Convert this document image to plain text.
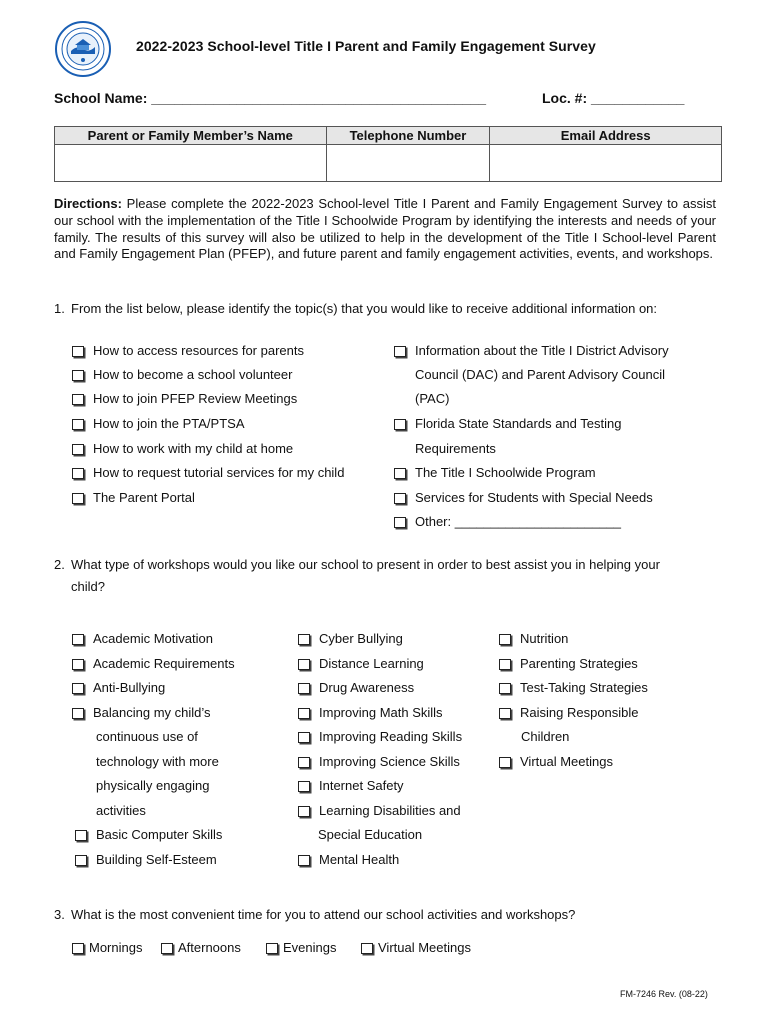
2022-2023 School-level Title I Parent and Family Engagement Survey
School Name: ___________________________________________	Loc. #: ____________
Parent or Family Member’s Name	Telephone Number	Email Address

Directions: Please complete the 2022-2023 School-level Title I Parent and Family Engagement Survey to assist our school with the implementation of the Title I Schoolwide Program by identifying the interests and needs of your family. The results of this survey will also be utilized to help in the development of the Title I School-level Parent and Family Engagement Plan (PFEP), and future parent and family engagement activities, events, and workshops.
1. From the list below, please identify the topic(s) that you would like to receive additional information on:
How to access resources for parents
How to become a school volunteer
How to join PFEP Review Meetings
How to join the PTA/PTSA
How to work with my child at home
How to request tutorial services for my child
The Parent Portal
Information about the Title I District Advisory
Council (DAC) and Parent Advisory Council
(PAC)
Florida State Standards and Testing
Requirements
The Title I Schoolwide Program
Services for Students with Special Needs
Other: _______________________
2. What type of workshops would you like our school to present in order to best assist you in helping your
child?
Academic Motivation
Academic Requirements
Anti-Bullying
Balancing my child’s
continuous use of
technology with more
physically engaging
activities
Basic Computer Skills
Building Self-Esteem
Cyber Bullying
Distance Learning
Drug Awareness
Improving Math Skills
Improving Reading Skills
Improving Science Skills
Internet Safety
Learning Disabilities and
Special Education
Mental Health
Nutrition
Parenting Strategies
Test-Taking Strategies
Raising Responsible
Children
Virtual Meetings
3. What is the most convenient time for you to attend our school activities and workshops?
Mornings	Afternoons	Evenings	Virtual Meetings
FM-7246 Rev. (08-22)
